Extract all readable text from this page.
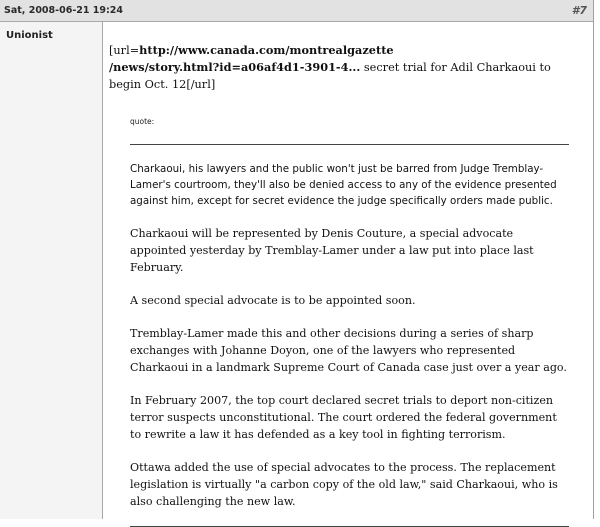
Sat, 2008-06-21 19:24	#7
Unionist
[url=http://www.canada.com/montrealgazette
/news/story.html?id=a06af4d1-3901-4... secret trial for Adil Charkaoui to begin Oct. 12[/url]
quote:

Charkaoui, his lawyers and the public won't just be barred from Judge Tremblay-Lamer's courtroom, they'll also be denied access to any of the evidence presented against him, except for secret evidence the judge specifically orders made public.

Charkaoui will be represented by Denis Couture, a special advocate appointed yesterday by Tremblay-Lamer under a law put into place last February.

A second special advocate is to be appointed soon.

Tremblay-Lamer made this and other decisions during a series of sharp exchanges with Johanne Doyon, one of the lawyers who represented Charkaoui in a landmark Supreme Court of Canada case just over a year ago.

In February 2007, the top court declared secret trials to deport non-citizen terror suspects unconstitutional. The court ordered the federal government to rewrite a law it has defended as a key tool in fighting terrorism.

Ottawa added the use of special advocates to the process. The replacement legislation is virtually "a carbon copy of the old law," said Charkaoui, who is also challenging the new law.
